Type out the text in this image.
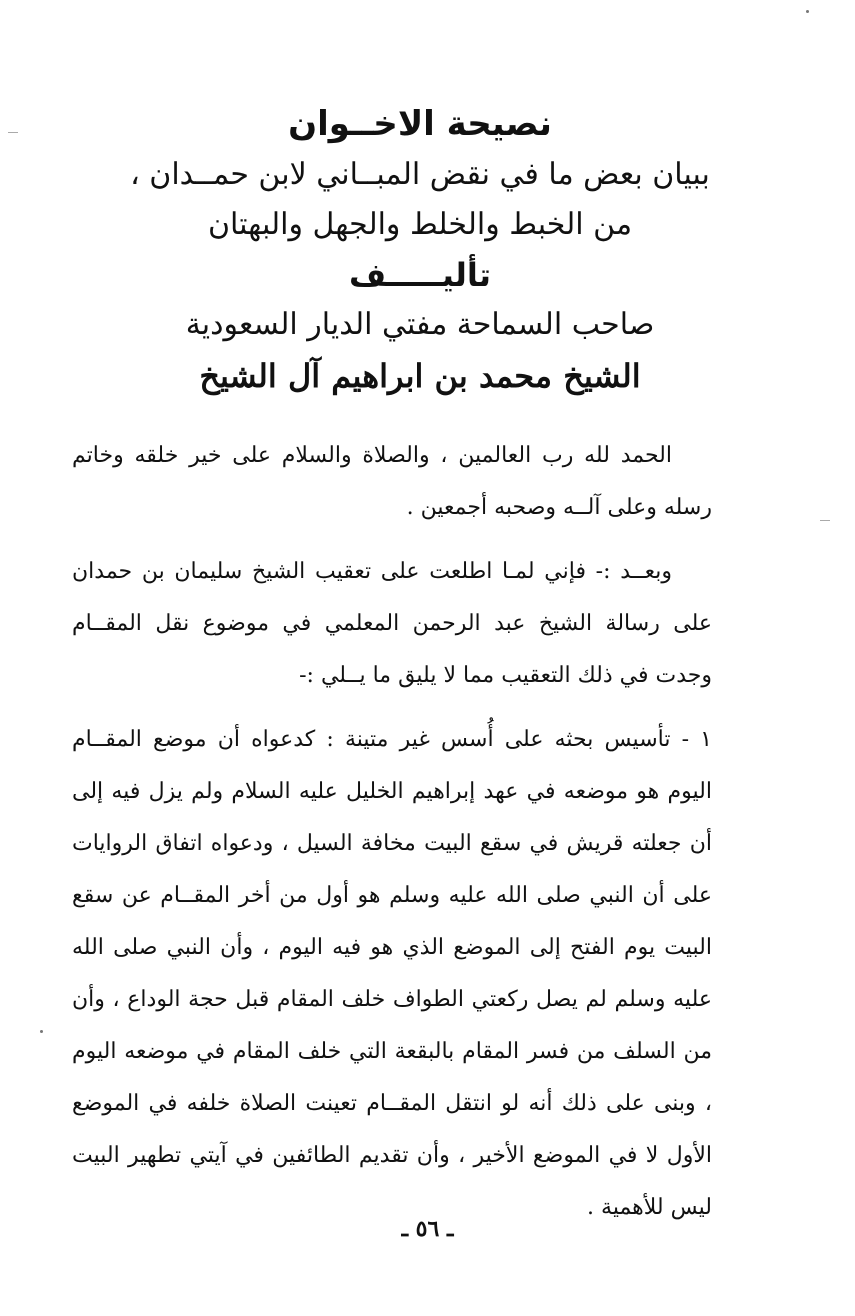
نصيحة الاخــوان

ببيان بعض ما في نقض المبــاني لابن حمــدان ،

من الخبط والخلط والجهل والبهتان

تأليـــــف

صاحب السماحة مفتي الديار السعودية

الشيخ محمد بن ابراهيم آل الشيخ

الحمد لله رب العالمين ، والصلاة والسلام على خير خلقه وخاتم رسله وعلى آلــه وصحبه أجمعين .

وبعــد :- فإني لمـا اطلعت على تعقيب الشيخ سليمان بن حمدان على رسالة الشيخ عبد الرحمن المعلمي في موضوع نقل المقــام وجدت في ذلك التعقيب مما لا يليق ما يــلي :-

١ - تأسيس بحثه على أُسس غير متينة : كدعواه أن موضع المقــام اليوم هو موضعه في عهد إبراهيم الخليل عليه السلام ولم يزل فيه إلى أن جعلته قريش في سقع البيت مخافة السيل ، ودعواه اتفاق الروايات على أن النبي صلى الله عليه وسلم هو أول من أخر المقــام عن سقع البيت يوم الفتح إلى الموضع الذي هو فيه اليوم ، وأن النبي صلى الله عليه وسلم لم يصل ركعتي الطواف خلف المقام قبل حجة الوداع ، وأن من السلف من فسر المقام بالبقعة التي خلف المقام في موضعه اليوم ، وبنى على ذلك أنه لو انتقل المقــام تعينت الصلاة خلفه في الموضع الأول لا في الموضع الأخير ، وأن تقديم الطائفين في آيتي تطهير البيت ليس للأهمية .

ـ ٥٦ ـ
